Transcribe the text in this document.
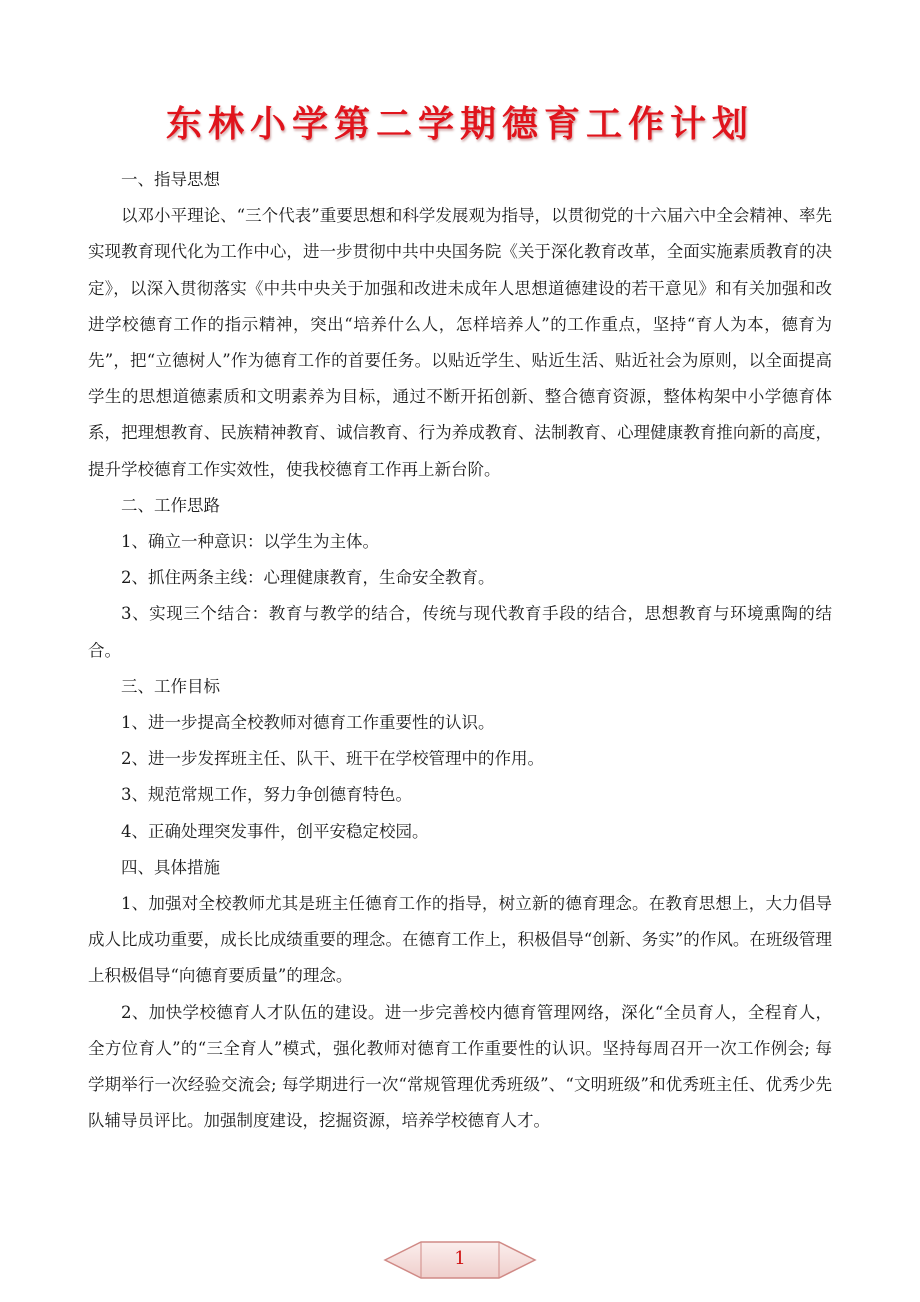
东林小学第二学期德育工作计划

一、指导思想

以邓小平理论、“三个代表”重要思想和科学发展观为指导，以贯彻党的十六届六中全会精神、率先实现教育现代化为工作中心，进一步贯彻中共中央国务院《关于深化教育改革，全面实施素质教育的决定》，以深入贯彻落实《中共中央关于加强和改进未成年人思想道德建设的若干意见》和有关加强和改进学校德育工作的指示精神，突出“培养什么人，怎样培养人”的工作重点，坚持“育人为本，德育为先”，把“立德树人”作为德育工作的首要任务。以贴近学生、贴近生活、贴近社会为原则，以全面提高学生的思想道德素质和文明素养为目标，通过不断开拓创新、整合德育资源，整体构架中小学德育体系，把理想教育、民族精神教育、诚信教育、行为养成教育、法制教育、心理健康教育推向新的高度，提升学校德育工作实效性，使我校德育工作再上新台阶。

二、工作思路

1、确立一种意识：以学生为主体。

2、抓住两条主线：心理健康教育，生命安全教育。

3、实现三个结合：教育与教学的结合，传统与现代教育手段的结合，思想教育与环境熏陶的结合。

三、工作目标

1、进一步提高全校教师对德育工作重要性的认识。

2、进一步发挥班主任、队干、班干在学校管理中的作用。

3、规范常规工作，努力争创德育特色。

4、正确处理突发事件，创平安稳定校园。

四、具体措施

1、加强对全校教师尤其是班主任德育工作的指导，树立新的德育理念。在教育思想上，大力倡导成人比成功重要，成长比成绩重要的理念。在德育工作上，积极倡导“创新、务实”的作风。在班级管理上积极倡导“向德育要质量”的理念。

2、加快学校德育人才队伍的建设。进一步完善校内德育管理网络，深化“全员育人，全程育人，全方位育人”的“三全育人”模式，强化教师对德育工作重要性的认识。坚持每周召开一次工作例会; 每学期举行一次经验交流会; 每学期进行一次“常规管理优秀班级”、“文明班级”和优秀班主任、优秀少先队辅导员评比。加强制度建设，挖掘资源，培养学校德育人才。

1
